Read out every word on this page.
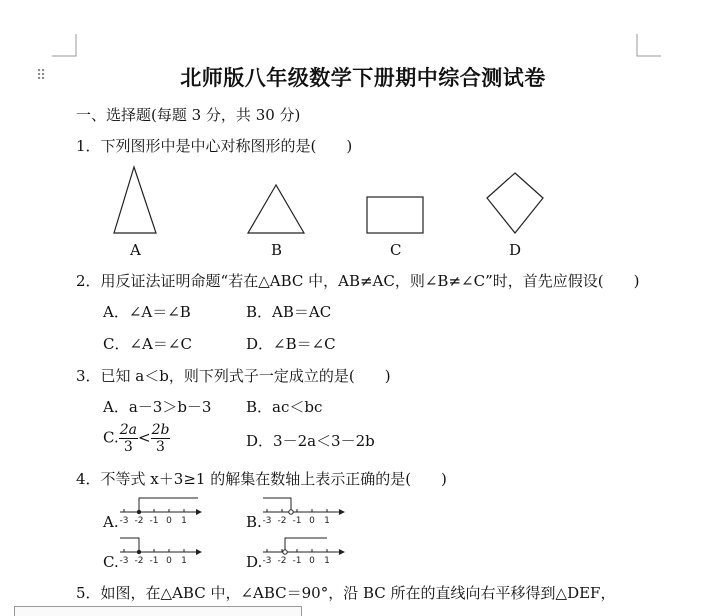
⠿	北师版八年级数学下册期中综合测试卷
一、选择题(每题 3 分，共 30 分)
1．下列图形中是中心对称图形的是(　　)
A	B	C	D
2．用反证法证明命题“若在△ABC 中，AB≠AC，则∠B≠∠C”时，首先应假设(　　)
A．∠A＝∠B	B．AB＝AC
C．∠A＝∠C	D．∠B＝∠C
3．已知 a＜b，则下列式子一定成立的是(　　)
A．a－3＞b－3 B．ac＜bc
C. $\frac{2a}{3} < \frac{2b}{3}$	D．3－2a＜3－2b
4．不等式 x＋3≥1 的解集在数轴上表示正确的是(　　)
A.	B.
C.	D.
-3 -2 -1 0 1	-3 -2 -1 0 1
-3 -2 -1 0 1	-3 -2 -1 0 1
5．如图，在△ABC 中，∠ABC＝90°，沿 BC 所在的直线向右平移得到△DEF，
